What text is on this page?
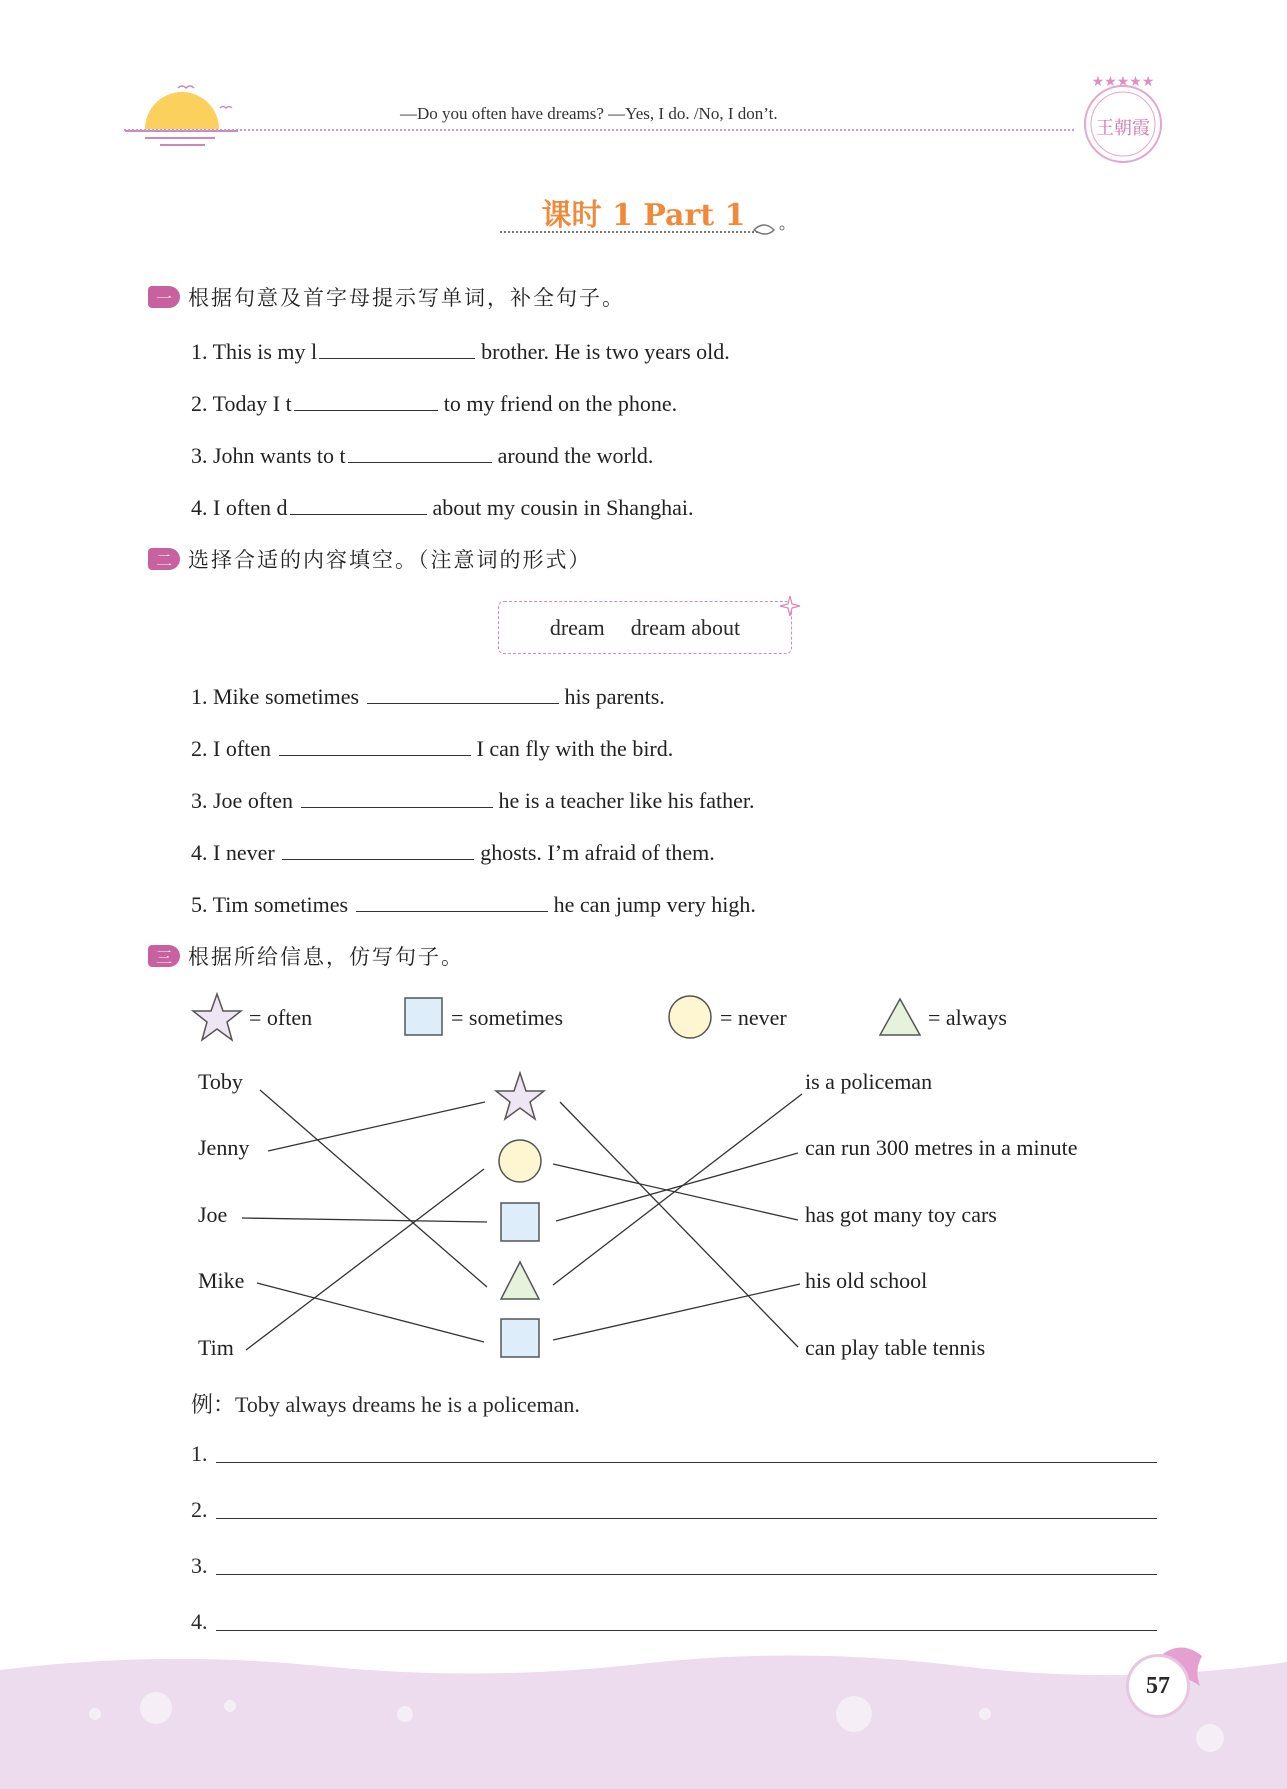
—Do you often have dreams? —Yes, I do. /No, I don’t.
★★★★★
王朝霞
课时 1 Part 1
一 根据句意及首字母提示写单词，补全句子。
1. This is my l	brother. He is two years old.
2. Today I t	to my friend on the phone.
3. John wants to t	around the world.
4. I often d	about my cousin in Shanghai.
二 选择合适的内容填空。（注意词的形式）
dream dream about
1. Mike sometimes	his parents.
2. I often	I can fly with the bird.
3. Joe often	he is a teacher like his father.
4. I never	ghosts. I’m afraid of them.
5. Tim sometimes	he can jump very high.
三 根据所给信息，仿写句子。
= often	= sometimes	= never	= always
Toby
Jenny
Joe
Mike
Tim
is a policeman
can run 300 metres in a minute
has got many toy cars
his old school
can play table tennis
例：Toby always dreams he is a policeman.
1.
2.
3.
4.
57
